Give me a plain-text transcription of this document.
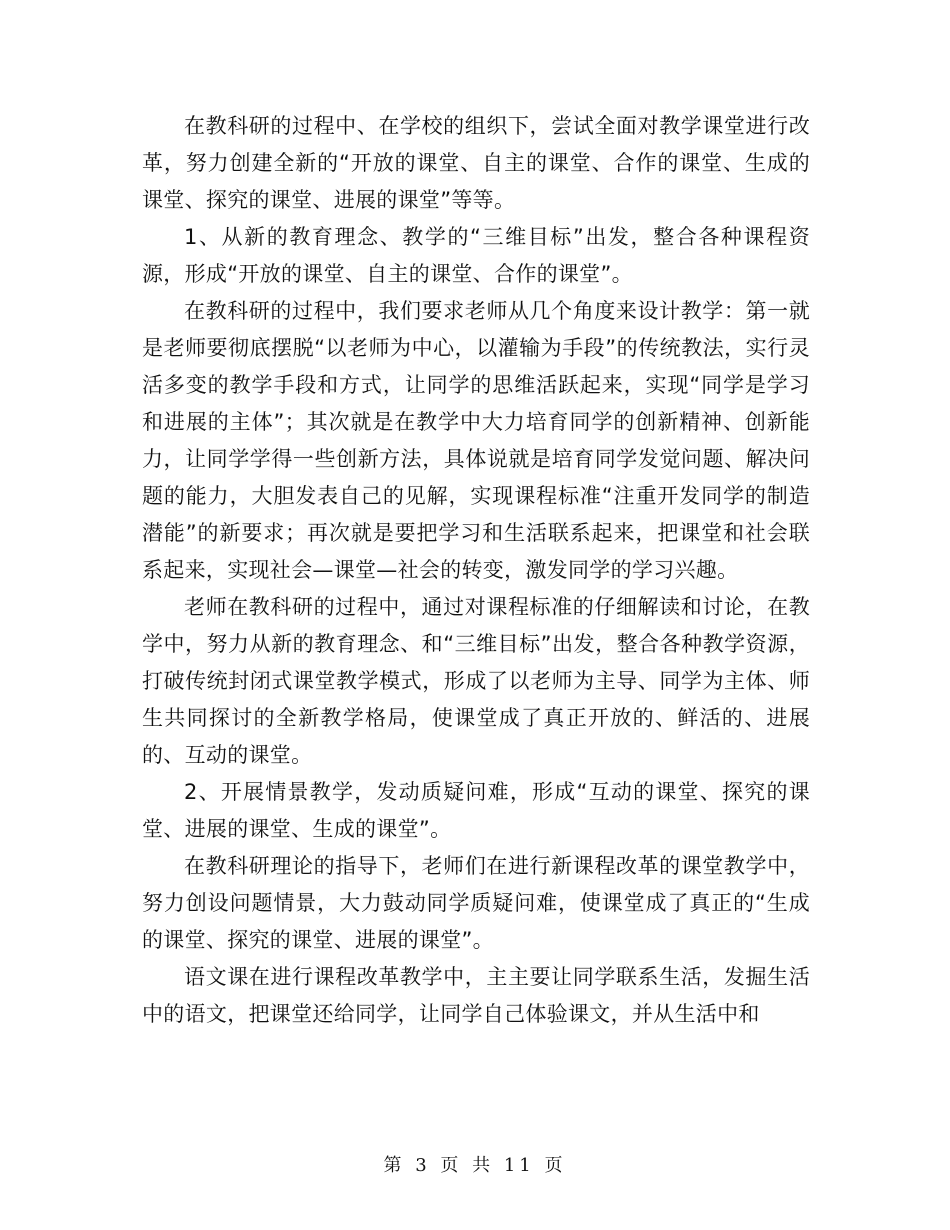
在教科研的过程中、在学校的组织下，尝试全面对教学课堂进行改革，努力创建全新的“开放的课堂、自主的课堂、合作的课堂、生成的课堂、探究的课堂、进展的课堂”等等。

1、从新的教育理念、教学的“三维目标”出发，整合各种课程资源，形成“开放的课堂、自主的课堂、合作的课堂”。

在教科研的过程中，我们要求老师从几个角度来设计教学：第一就是老师要彻底摆脱“以老师为中心，以灌输为手段”的传统教法，实行灵活多变的教学手段和方式，让同学的思维活跃起来，实现“同学是学习和进展的主体”；其次就是在教学中大力培育同学的创新精神、创新能力，让同学学得一些创新方法，具体说就是培育同学发觉问题、解决问题的能力，大胆发表自己的见解，实现课程标准“注重开发同学的制造潜能”的新要求；再次就是要把学习和生活联系起来，把课堂和社会联系起来，实现社会—课堂—社会的转变，激发同学的学习兴趣。

老师在教科研的过程中，通过对课程标准的仔细解读和讨论，在教学中，努力从新的教育理念、和“三维目标”出发，整合各种教学资源，打破传统封闭式课堂教学模式，形成了以老师为主导、同学为主体、师生共同探讨的全新教学格局，使课堂成了真正开放的、鲜活的、进展的、互动的课堂。

2、开展情景教学，发动质疑问难，形成“互动的课堂、探究的课堂、进展的课堂、生成的课堂”。

在教科研理论的指导下，老师们在进行新课程改革的课堂教学中，努力创设问题情景，大力鼓动同学质疑问难，使课堂成了真正的“生成的课堂、探究的课堂、进展的课堂”。

语文课在进行课程改革教学中，主主要让同学联系生活，发掘生活中的语文，把课堂还给同学，让同学自己体验课文，并从生活中和

第 3 页 共 11 页
